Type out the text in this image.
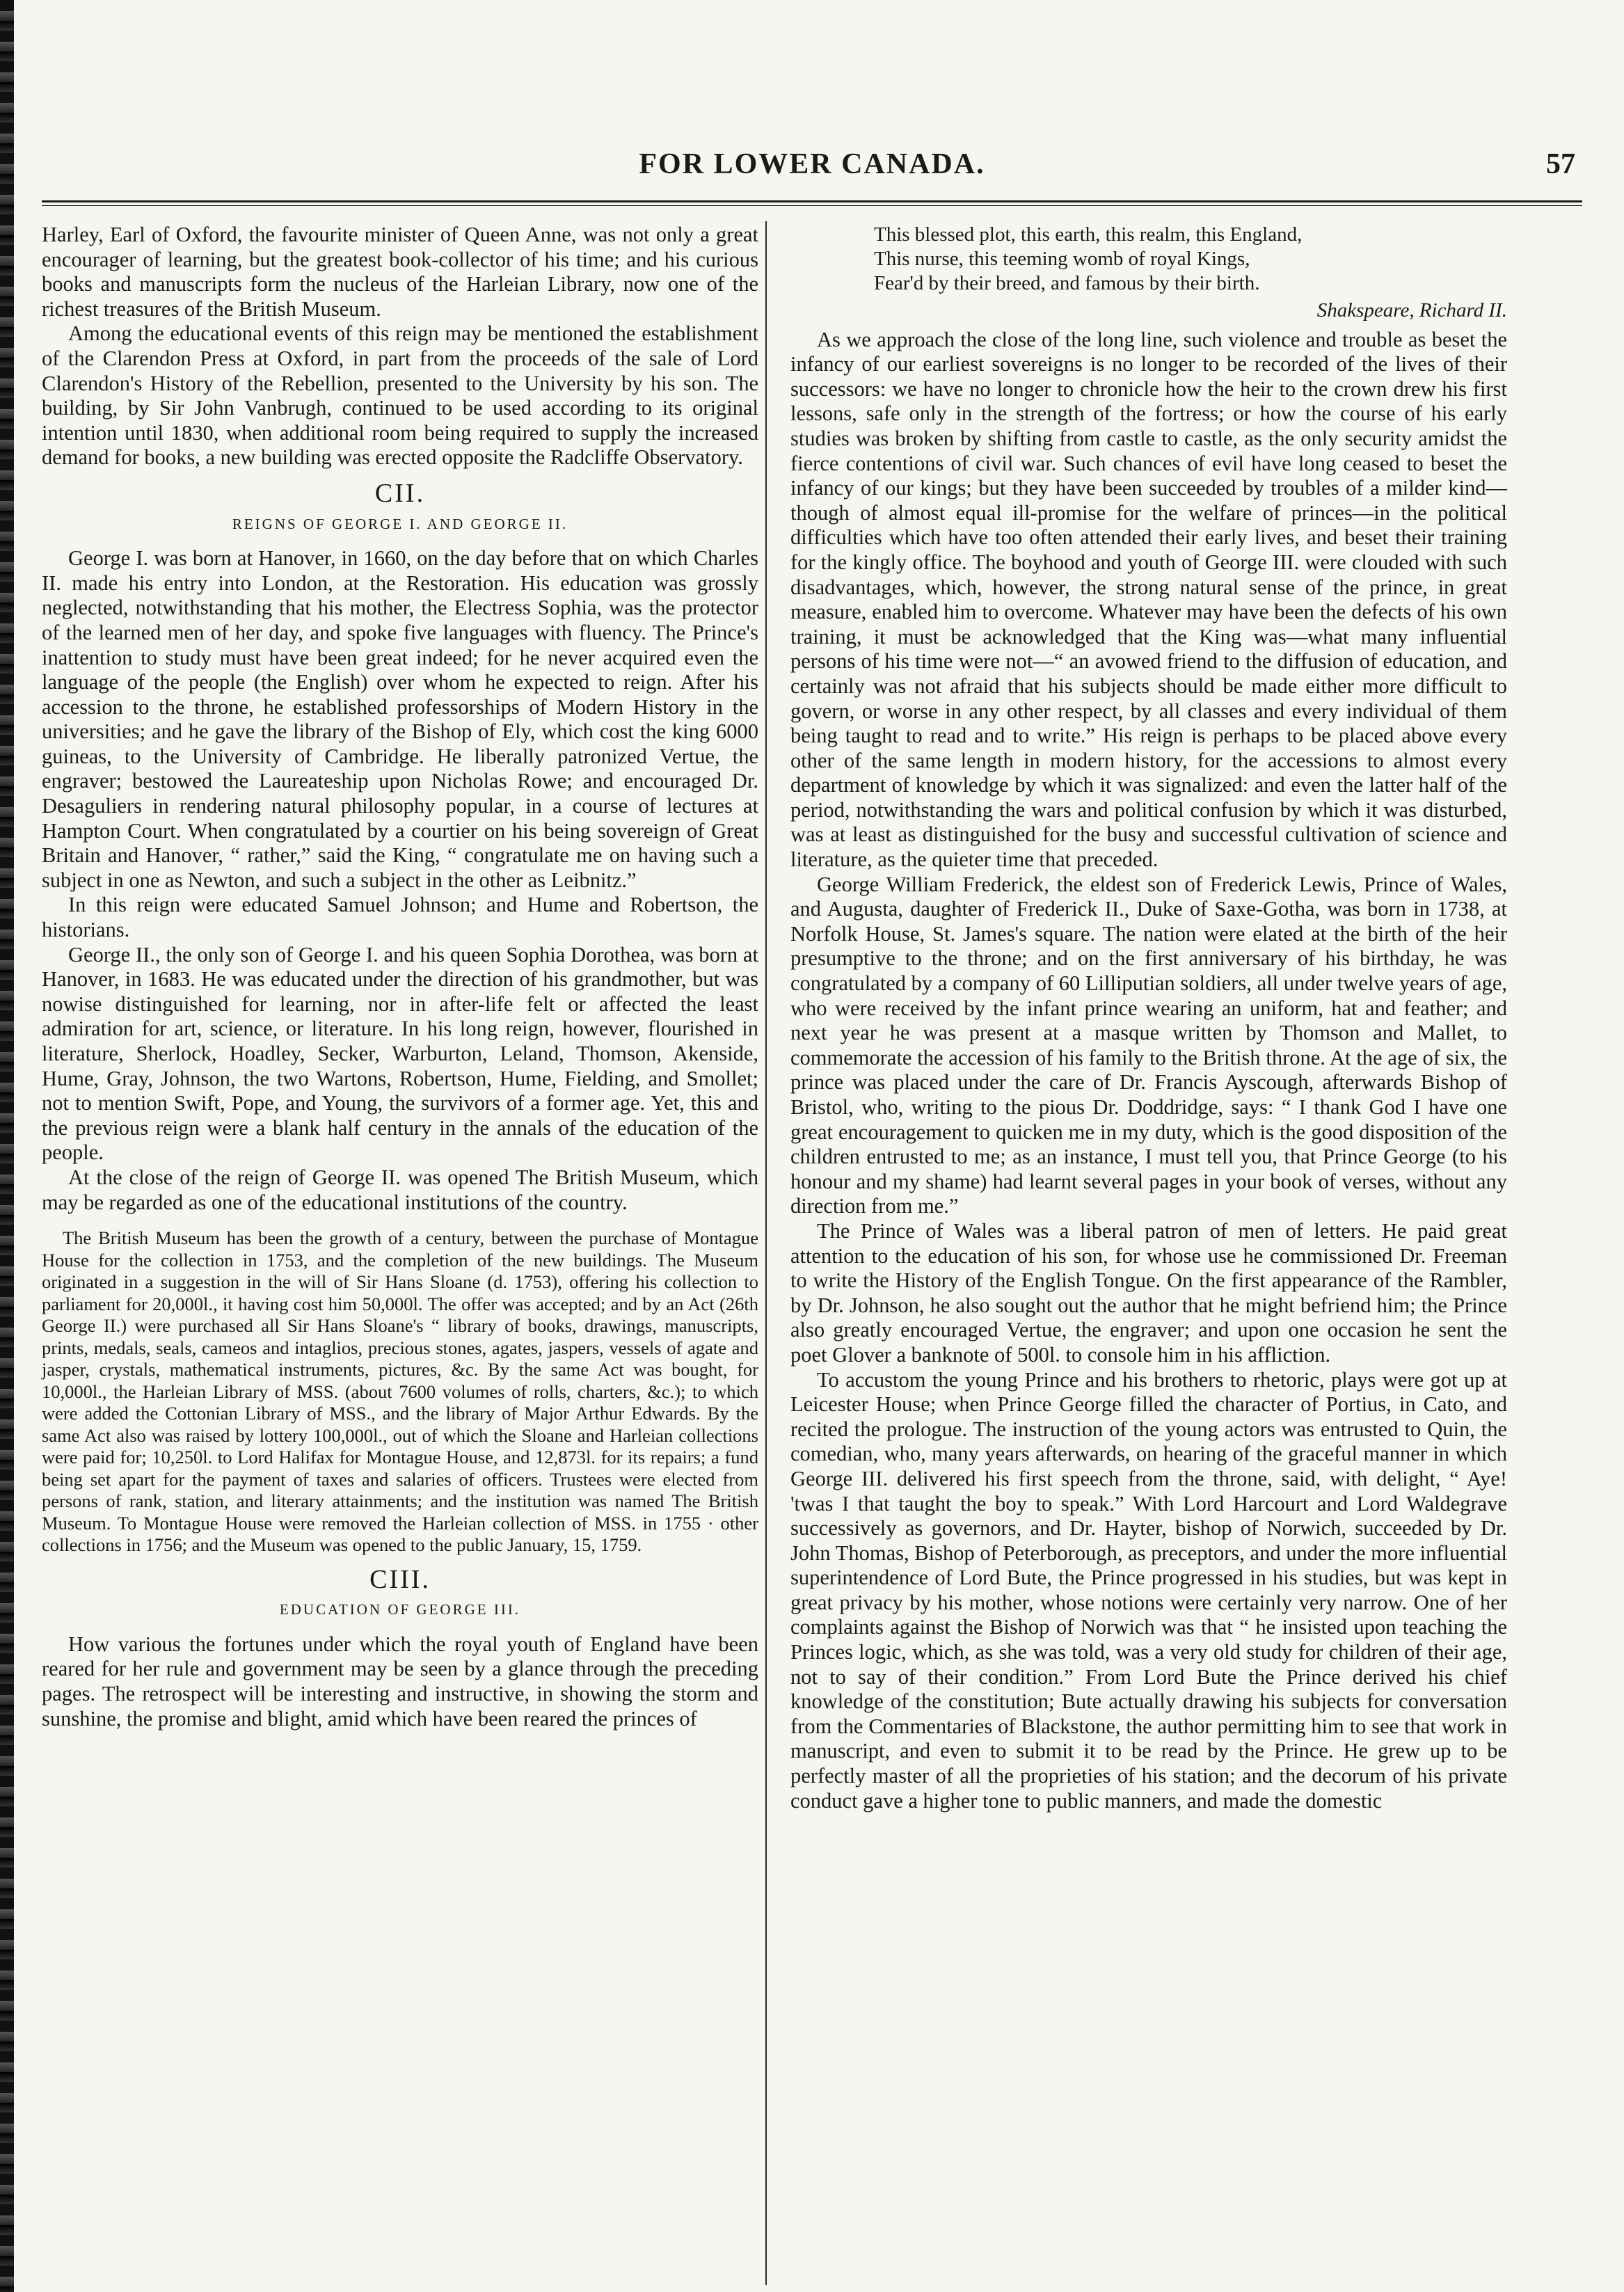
FOR LOWER CANADA.	57

Harley, Earl of Oxford, the favourite minister of Queen Anne, was not only a great encourager of learning, but the greatest book-collector of his time; and his curious books and manuscripts form the nucleus of the Harleian Library, now one of the richest treasures of the British Museum.

Among the educational events of this reign may be mentioned the establishment of the Clarendon Press at Oxford, in part from the proceeds of the sale of Lord Clarendon's History of the Rebellion, presented to the University by his son. The building, by Sir John Vanbrugh, continued to be used according to its original intention until 1830, when additional room being required to supply the increased demand for books, a new building was erected opposite the Radcliffe Observatory.

CII.
REIGNS OF GEORGE I. AND GEORGE II.

George I. was born at Hanover, in 1660, on the day before that on which Charles II. made his entry into London, at the Restoration. His education was grossly neglected, notwithstanding that his mother, the Electress Sophia, was the protector of the learned men of her day, and spoke five languages with fluency. The Prince's inattention to study must have been great indeed; for he never acquired even the language of the people (the English) over whom he expected to reign. After his accession to the throne, he established professorships of Modern History in the universities; and he gave the library of the Bishop of Ely, which cost the king 6000 guineas, to the University of Cambridge. He liberally patronized Vertue, the engraver; bestowed the Laureateship upon Nicholas Rowe; and encouraged Dr. Desaguliers in rendering natural philosophy popular, in a course of lectures at Hampton Court. When congratulated by a courtier on his being sovereign of Great Britain and Hanover, “ rather,” said the King, “ congratulate me on having such a subject in one as Newton, and such a subject in the other as Leibnitz.”

In this reign were educated Samuel Johnson; and Hume and Robertson, the historians.

George II., the only son of George I. and his queen Sophia Dorothea, was born at Hanover, in 1683. He was educated under the direction of his grandmother, but was nowise distinguished for learning, nor in after-life felt or affected the least admiration for art, science, or literature. In his long reign, however, flourished in literature, Sherlock, Hoadley, Secker, Warburton, Leland, Thomson, Akenside, Hume, Gray, Johnson, the two Wartons, Robertson, Hume, Fielding, and Smollet; not to mention Swift, Pope, and Young, the survivors of a former age. Yet, this and the previous reign were a blank half century in the annals of the education of the people.

At the close of the reign of George II. was opened The British Museum, which may be regarded as one of the educational institutions of the country.

The British Museum has been the growth of a century, between the purchase of Montague House for the collection in 1753, and the completion of the new buildings. The Museum originated in a suggestion in the will of Sir Hans Sloane (d. 1753), offering his collection to parliament for 20,000l., it having cost him 50,000l. The offer was accepted; and by an Act (26th George II.) were purchased all Sir Hans Sloane's “ library of books, drawings, manuscripts, prints, medals, seals, cameos and intaglios, precious stones, agates, jaspers, vessels of agate and jasper, crystals, mathematical instruments, pictures, &c. By the same Act was bought, for 10,000l., the Harleian Library of MSS. (about 7600 volumes of rolls, charters, &c.); to which were added the Cottonian Library of MSS., and the library of Major Arthur Edwards. By the same Act also was raised by lottery 100,000l., out of which the Sloane and Harleian collections were paid for; 10,250l. to Lord Halifax for Montague House, and 12,873l. for its repairs; a fund being set apart for the payment of taxes and salaries of officers. Trustees were elected from persons of rank, station, and literary attainments; and the institution was named The British Museum. To Montague House were removed the Harleian collection of MSS. in 1755 · other collections in 1756; and the Museum was opened to the public January, 15, 1759.

CIII.
EDUCATION OF GEORGE III.

How various the fortunes under which the royal youth of England have been reared for her rule and government may be seen by a glance through the preceding pages. The retrospect will be interesting and instructive, in showing the storm and sunshine, the promise and blight, amid which have been reared the princes of

This blessed plot, this earth, this realm, this England,
This nurse, this teeming womb of royal Kings,
Fear'd by their breed, and famous by their birth.
Shakspeare, Richard II.

As we approach the close of the long line, such violence and trouble as beset the infancy of our earliest sovereigns is no longer to be recorded of the lives of their successors: we have no longer to chronicle how the heir to the crown drew his first lessons, safe only in the strength of the fortress; or how the course of his early studies was broken by shifting from castle to castle, as the only security amidst the fierce contentions of civil war. Such chances of evil have long ceased to beset the infancy of our kings; but they have been succeeded by troubles of a milder kind—though of almost equal ill-promise for the welfare of princes—in the political difficulties which have too often attended their early lives, and beset their training for the kingly office. The boyhood and youth of George III. were clouded with such disadvantages, which, however, the strong natural sense of the prince, in great measure, enabled him to overcome. Whatever may have been the defects of his own training, it must be acknowledged that the King was—what many influential persons of his time were not—“ an avowed friend to the diffusion of education, and certainly was not afraid that his subjects should be made either more difficult to govern, or worse in any other respect, by all classes and every individual of them being taught to read and to write.” His reign is perhaps to be placed above every other of the same length in modern history, for the accessions to almost every department of knowledge by which it was signalized: and even the latter half of the period, notwithstanding the wars and political confusion by which it was disturbed, was at least as distinguished for the busy and successful cultivation of science and literature, as the quieter time that preceded.

George William Frederick, the eldest son of Frederick Lewis, Prince of Wales, and Augusta, daughter of Frederick II., Duke of Saxe-Gotha, was born in 1738, at Norfolk House, St. James's square. The nation were elated at the birth of the heir presumptive to the throne; and on the first anniversary of his birthday, he was congratulated by a company of 60 Lilliputian soldiers, all under twelve years of age, who were received by the infant prince wearing an uniform, hat and feather; and next year he was present at a masque written by Thomson and Mallet, to commemorate the accession of his family to the British throne. At the age of six, the prince was placed under the care of Dr. Francis Ayscough, afterwards Bishop of Bristol, who, writing to the pious Dr. Doddridge, says: “ I thank God I have one great encouragement to quicken me in my duty, which is the good disposition of the children entrusted to me; as an instance, I must tell you, that Prince George (to his honour and my shame) had learnt several pages in your book of verses, without any direction from me.”

The Prince of Wales was a liberal patron of men of letters. He paid great attention to the education of his son, for whose use he commissioned Dr. Freeman to write the History of the English Tongue. On the first appearance of the Rambler, by Dr. Johnson, he also sought out the author that he might befriend him; the Prince also greatly encouraged Vertue, the engraver; and upon one occasion he sent the poet Glover a banknote of 500l. to console him in his affliction.

To accustom the young Prince and his brothers to rhetoric, plays were got up at Leicester House; when Prince George filled the character of Portius, in Cato, and recited the prologue. The instruction of the young actors was entrusted to Quin, the comedian, who, many years afterwards, on hearing of the graceful manner in which George III. delivered his first speech from the throne, said, with delight, “ Aye! 'twas I that taught the boy to speak.” With Lord Harcourt and Lord Waldegrave successively as governors, and Dr. Hayter, bishop of Norwich, succeeded by Dr. John Thomas, Bishop of Peterborough, as preceptors, and under the more influential superintendence of Lord Bute, the Prince progressed in his studies, but was kept in great privacy by his mother, whose notions were certainly very narrow. One of her complaints against the Bishop of Norwich was that “ he insisted upon teaching the Princes logic, which, as she was told, was a very old study for children of their age, not to say of their condition.” From Lord Bute the Prince derived his chief knowledge of the constitution; Bute actually drawing his subjects for conversation from the Commentaries of Blackstone, the author permitting him to see that work in manuscript, and even to submit it to be read by the Prince. He grew up to be perfectly master of all the proprieties of his station; and the decorum of his private conduct gave a higher tone to public manners, and made the domestic
